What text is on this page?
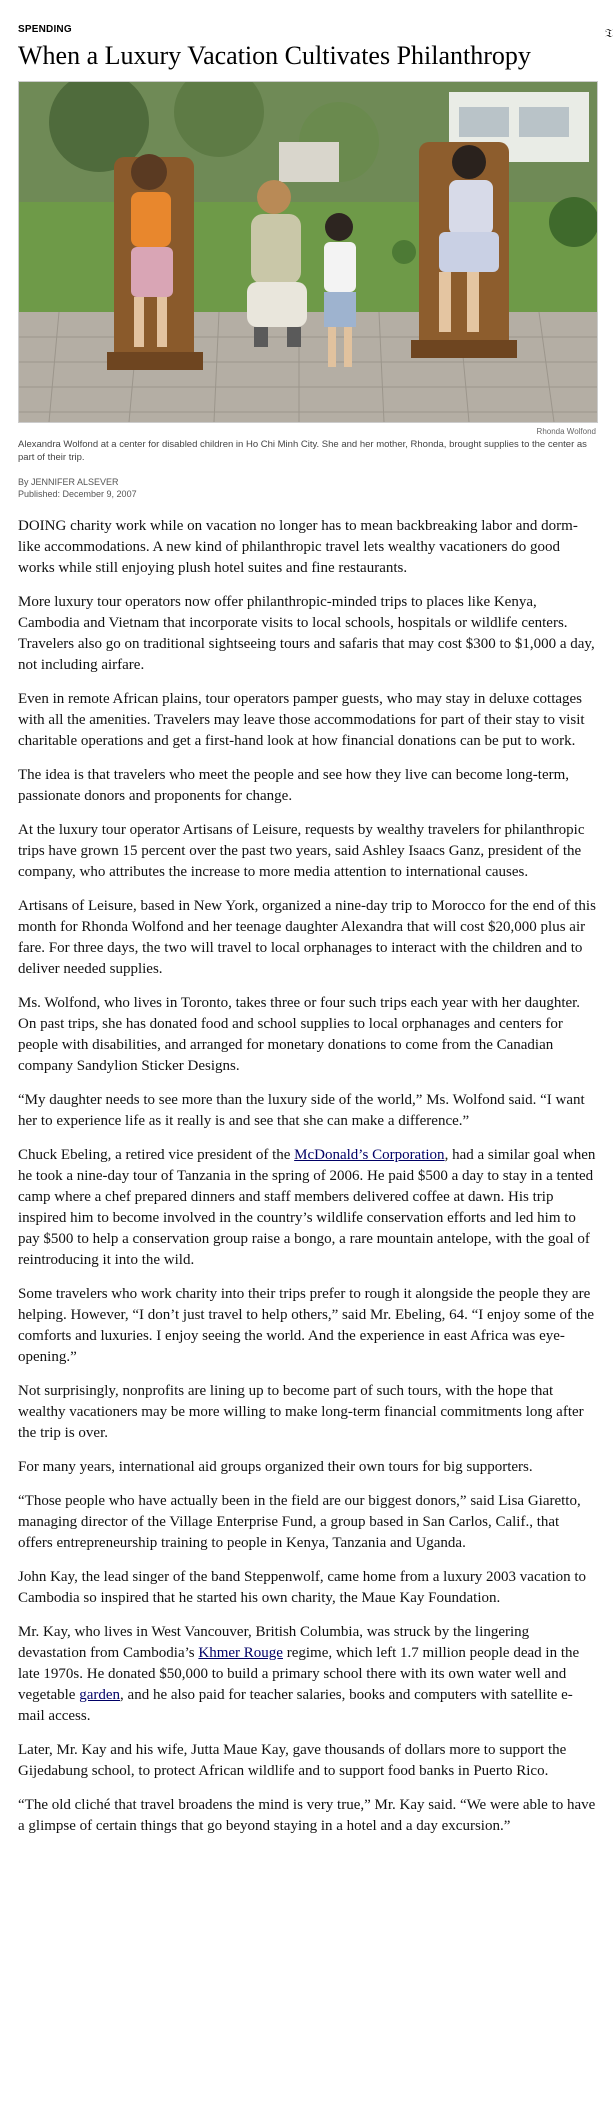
𝔗
SPENDING
When a Luxury Vacation Cultivates Philanthropy
Rhonda Wolfond
Alexandra Wolfond at a center for disabled children in Ho Chi Minh City. She and her mother, Rhonda, brought supplies to the center as part of their trip.
By JENNIFER ALSEVER
Published: December 9, 2007

DOING charity work while on vacation no longer has to mean backbreaking labor and dorm-like accommodations. A new kind of philanthropic travel lets wealthy vacationers do good works while still enjoying plush hotel suites and fine restaurants.

More luxury tour operators now offer philanthropic-minded trips to places like Kenya, Cambodia and Vietnam that incorporate visits to local schools, hospitals or wildlife centers. Travelers also go on traditional sightseeing tours and safaris that may cost $300 to $1,000 a day, not including airfare.

Even in remote African plains, tour operators pamper guests, who may stay in deluxe cottages with all the amenities. Travelers may leave those accommodations for part of their stay to visit charitable operations and get a first-hand look at how financial donations can be put to work.

The idea is that travelers who meet the people and see how they live can become long-term, passionate donors and proponents for change.

At the luxury tour operator Artisans of Leisure, requests by wealthy travelers for philanthropic trips have grown 15 percent over the past two years, said Ashley Isaacs Ganz, president of the company, who attributes the increase to more media attention to international causes.

Artisans of Leisure, based in New York, organized a nine-day trip to Morocco for the end of this month for Rhonda Wolfond and her teenage daughter Alexandra that will cost $20,000 plus air fare. For three days, the two will travel to local orphanages to interact with the children and to deliver needed supplies.

Ms. Wolfond, who lives in Toronto, takes three or four such trips each year with her daughter. On past trips, she has donated food and school supplies to local orphanages and centers for people with disabilities, and arranged for monetary donations to come from the Canadian company Sandylion Sticker Designs.

“My daughter needs to see more than the luxury side of the world,” Ms. Wolfond said. “I want her to experience life as it really is and see that she can make a difference.”

Chuck Ebeling, a retired vice president of the McDonald’s Corporation, had a similar goal when he took a nine-day tour of Tanzania in the spring of 2006. He paid $500 a day to stay in a tented camp where a chef prepared dinners and staff members delivered coffee at dawn. His trip inspired him to become involved in the country’s wildlife conservation efforts and led him to pay $500 to help a conservation group raise a bongo, a rare mountain antelope, with the goal of reintroducing it into the wild.

Some travelers who work charity into their trips prefer to rough it alongside the people they are helping. However, “I don’t just travel to help others,” said Mr. Ebeling, 64. “I enjoy some of the comforts and luxuries. I enjoy seeing the world. And the experience in east Africa was eye-opening.”

Not surprisingly, nonprofits are lining up to become part of such tours, with the hope that wealthy vacationers may be more willing to make long-term financial commitments long after the trip is over.

For many years, international aid groups organized their own tours for big supporters.

“Those people who have actually been in the field are our biggest donors,” said Lisa Giaretto, managing director of the Village Enterprise Fund, a group based in San Carlos, Calif., that offers entrepreneurship training to people in Kenya, Tanzania and Uganda.

John Kay, the lead singer of the band Steppenwolf, came home from a luxury 2003 vacation to Cambodia so inspired that he started his own charity, the Maue Kay Foundation.

Mr. Kay, who lives in West Vancouver, British Columbia, was struck by the lingering devastation from Cambodia’s Khmer Rouge regime, which left 1.7 million people dead in the late 1970s. He donated $50,000 to build a primary school there with its own water well and vegetable garden, and he also paid for teacher salaries, books and computers with satellite e-mail access.

Later, Mr. Kay and his wife, Jutta Maue Kay, gave thousands of dollars more to support the Gijedabung school, to protect African wildlife and to support food banks in Puerto Rico.

“The old cliché that travel broadens the mind is very true,” Mr. Kay said. “We were able to have a glimpse of certain things that go beyond staying in a hotel and a day excursion.”
